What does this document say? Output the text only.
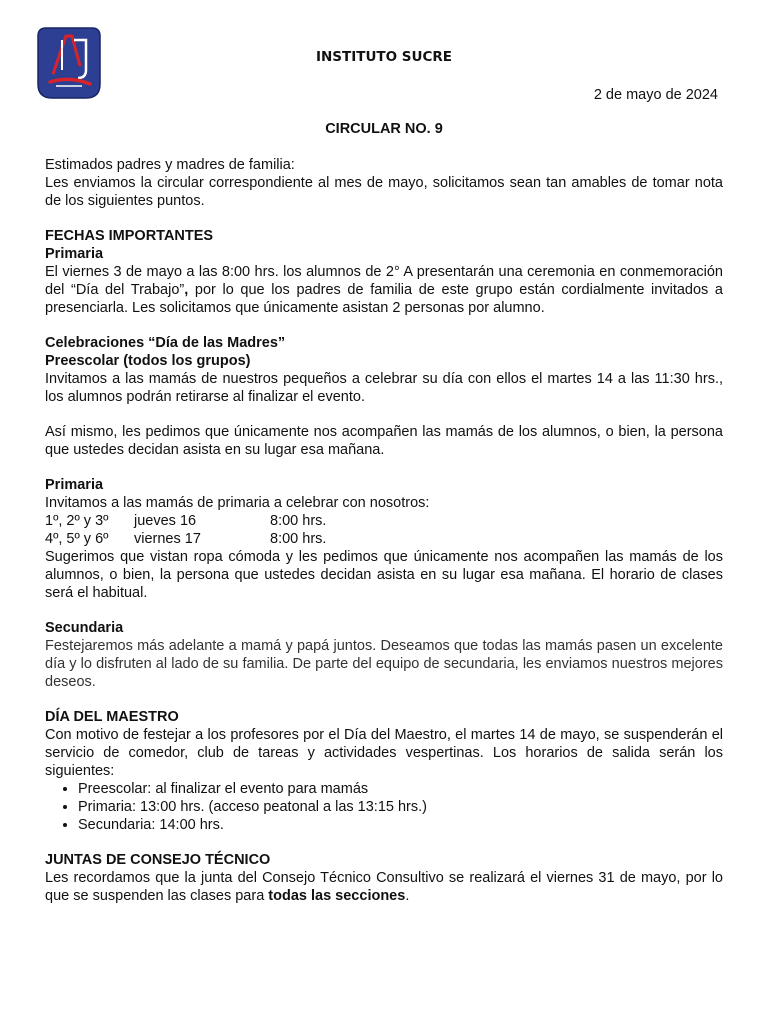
INSTITUTO SUCRE
2 de mayo de 2024
CIRCULAR NO. 9

Estimados padres y madres de familia:

Les enviamos la circular correspondiente al mes de mayo, solicitamos sean tan amables de tomar nota de los siguientes puntos.

FECHAS IMPORTANTES

Primaria

El viernes 3 de mayo a las 8:00 hrs. los alumnos de 2° A presentarán una ceremonia en conmemoración del “Día del Trabajo”, por lo que los padres de familia de este grupo están cordialmente invitados a presenciarla. Les solicitamos que únicamente asistan 2 personas por alumno.

Celebraciones “Día de las Madres”

Preescolar (todos los grupos)

Invitamos a las mamás de nuestros pequeños a celebrar su día con ellos el martes 14 a las 11:30 hrs., los alumnos podrán retirarse al finalizar el evento.

Así mismo, les pedimos que únicamente nos acompañen las mamás de los alumnos, o bien, la persona que ustedes decidan asista en su lugar esa mañana.

Primaria

Invitamos a las mamás de primaria a celebrar con nosotros:

1º, 2º y 3º jueves 16	8:00 hrs.

4º, 5º y 6º viernes 17	8:00 hrs.

Sugerimos que vistan ropa cómoda y les pedimos que únicamente nos acompañen las mamás de los alumnos, o bien, la persona que ustedes decidan asista en su lugar esa mañana. El horario de clases será el habitual.

Secundaria

Festejaremos más adelante a mamá y papá juntos. Deseamos que todas las mamás pasen un excelente día y lo disfruten al lado de su familia. De parte del equipo de secundaria, les enviamos nuestros mejores deseos.

DÍA DEL MAESTRO

Con motivo de festejar a los profesores por el Día del Maestro, el martes 14 de mayo, se suspenderán el servicio de comedor, club de tareas y actividades vespertinas. Los horarios de salida serán los siguientes:

• Preescolar: al finalizar el evento para mamás
• Primaria: 13:00 hrs. (acceso peatonal a las 13:15 hrs.)
• Secundaria: 14:00 hrs.

JUNTAS DE CONSEJO TÉCNICO

Les recordamos que la junta del Consejo Técnico Consultivo se realizará el viernes 31 de mayo, por lo que se suspenden las clases para todas las secciones.
